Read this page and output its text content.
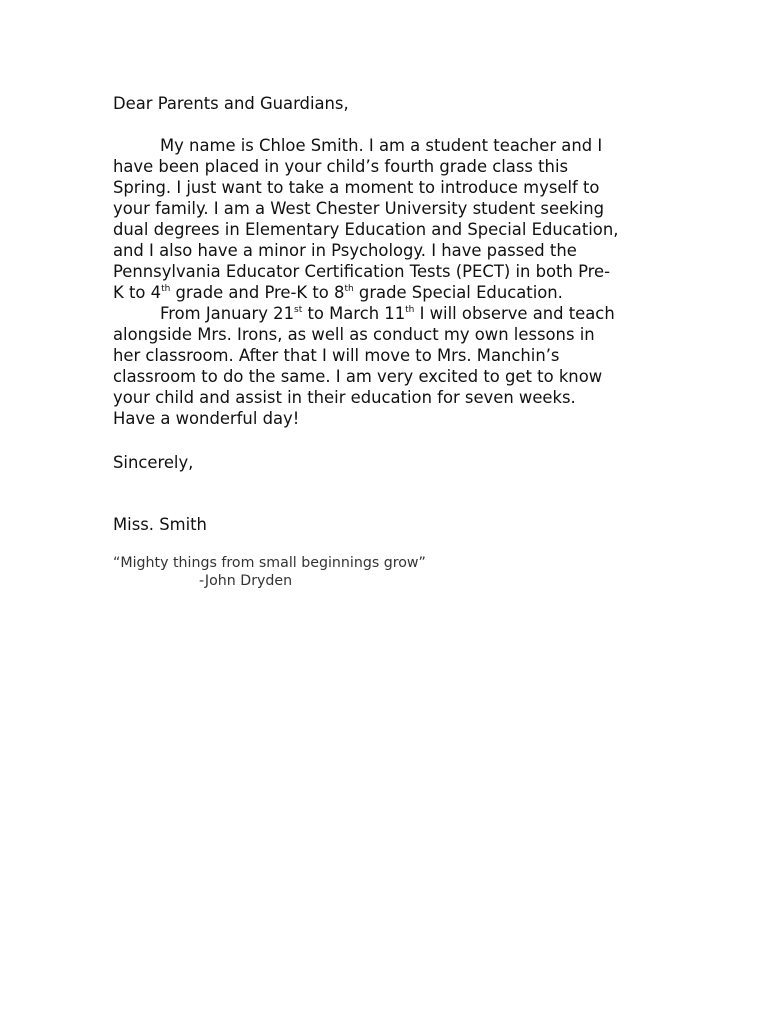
Dear Parents and Guardians,
My name is Chloe Smith. I am a student teacher and I
have been placed in your child’s fourth grade class this
Spring. I just want to take a moment to introduce myself to
your family. I am a West Chester University student seeking
dual degrees in Elementary Education and Special Education,
and I also have a minor in Psychology. I have passed the
Pennsylvania Educator Certification Tests (PECT) in both Pre-
K to 4th grade and Pre-K to 8th grade Special Education.
From January 21st to March 11th I will observe and teach
alongside Mrs. Irons, as well as conduct my own lessons in
her classroom. After that I will move to Mrs. Manchin’s
classroom to do the same. I am very excited to get to know
your child and assist in their education for seven weeks.
Have a wonderful day!
Sincerely,
Miss. Smith
“Mighty things from small beginnings grow”
-John Dryden
